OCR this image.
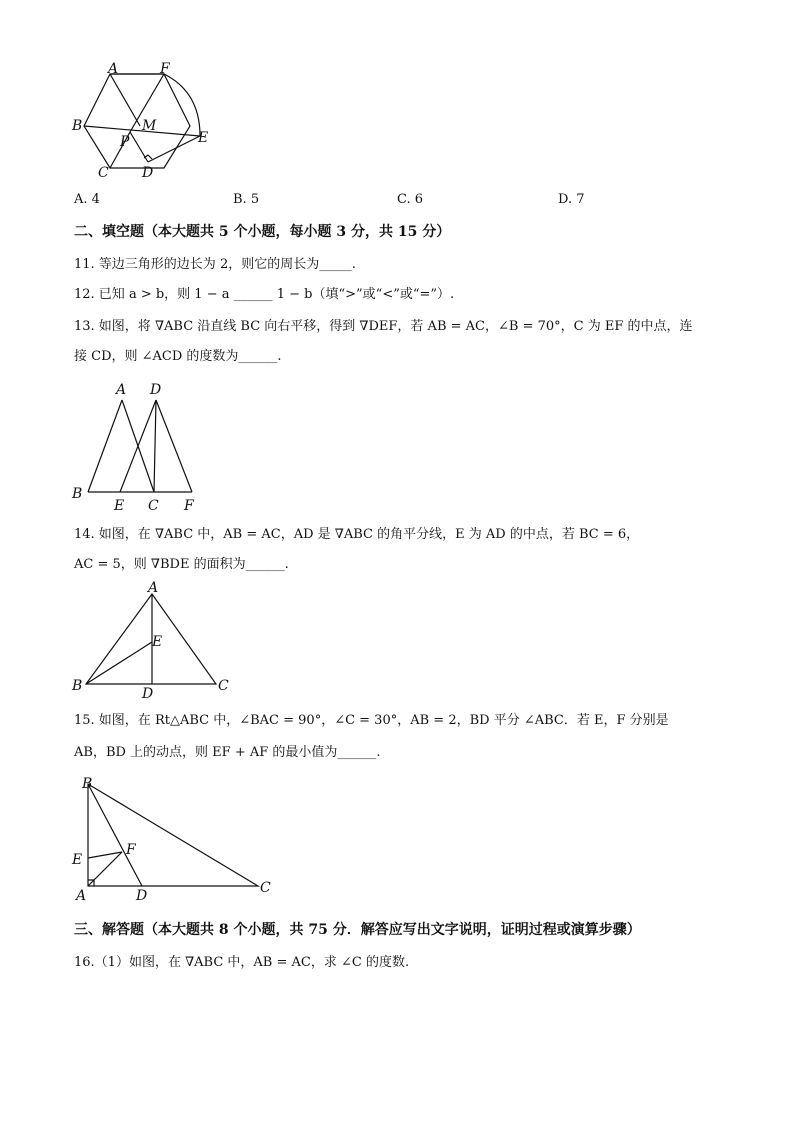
A	F
B	M
P	E
C D
A. 4	B. 5	C. 6	D. 7
二、填空题（本大题共 5 个小题，每小题 3 分，共 15 分）
11. 等边三角形的边长为 2，则它的周长为_____.
12. 已知 a > b，则 1 − a ______ 1 − b（填“>”或“<”或“=”）.
13. 如图，将 ∇ABC 沿直线 BC 向右平移，得到 ∇DEF，若 AB = AC，∠B = 70°，C 为 EF 的中点，连
接 CD，则 ∠ACD 的度数为______.
A D
B
E C F
14. 如图，在 ∇ABC 中，AB = AC，AD 是 ∇ABC 的角平分线，E 为 AD 的中点，若 BC = 6，
AC = 5，则 ∇BDE 的面积为______.
A
E
B	D	C
15. 如图，在 Rt△ABC 中，∠BAC = 90°，∠C = 30°，AB = 2，BD 平分 ∠ABC．若 E，F 分别是
AB，BD 上的动点，则 EF + AF 的最小值为______.
B
E
F
A	D	C
三、解答题（本大题共 8 个小题，共 75 分．解答应写出文字说明，证明过程或演算步骤）
16.（1）如图，在 ∇ABC 中，AB = AC，求 ∠C 的度数.
